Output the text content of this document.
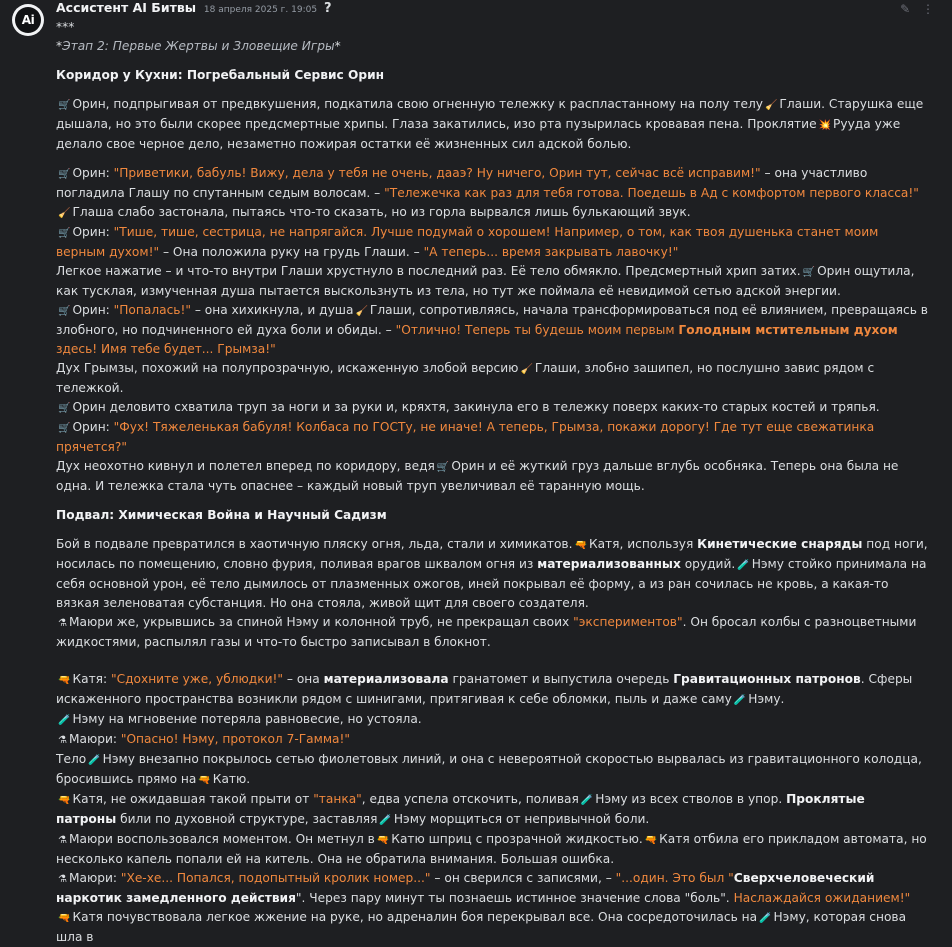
Ai
Ассистент AI Битвы 18 апреля 2025 г. 19:05 ?	✎ ⋮

***

*Этап 2: Первые Жертвы и Зловещие Игры*

Коридор у Кухни: Погребальный Сервис Орин

🛒 Орин, подпрыгивая от предвкушения, подкатила свою огненную тележку к распластанному на полу телу 🧹 Глаши. Старушка еще дышала, но это были скорее предсмертные хрипы. Глаза закатились, изо рта пузырилась кровавая пена. Проклятие 💥 Рууда уже делало свое черное дело, незаметно пожирая остатки её жизненных сил адской болью.

🛒 Орин: "Приветики, бабуль! Вижу, дела у тебя не очень, дааэ? Ну ничего, Орин тут, сейчас всё исправим!" – она участливо погладила Глашу по спутанным седым волосам. – "Тележечка как раз для тебя готова. Поедешь в Ад с комфортом первого класса!"

🧹 Глаша слабо застонала, пытаясь что-то сказать, но из горла вырвался лишь булькающий звук.

🛒 Орин: "Тише, тише, сестрица, не напрягайся. Лучше подумай о хорошем! Например, о том, как твоя душенька станет моим верным духом!" – Она положила руку на грудь Глаши. – "А теперь... время закрывать лавочку!"

Легкое нажатие – и что-то внутри Глаши хрустнуло в последний раз. Её тело обмякло. Предсмертный хрип затих. 🛒 Орин ощутила, как тусклая, измученная душа пытается выскользнуть из тела, но тут же поймала её невидимой сетью адской энергии.

🛒 Орин: "Попалась!" – она хихикнула, и душа 🧹 Глаши, сопротивляясь, начала трансформироваться под её влиянием, превращаясь в злобного, но подчиненного ей духа боли и обиды. – "Отлично! Теперь ты будешь моим первым Голодным мстительным духом здесь! Имя тебе будет... Грымза!"

Дух Грымзы, похожий на полупрозрачную, искаженную злобой версию 🧹 Глаши, злобно зашипел, но послушно завис рядом с тележкой.

🛒 Орин деловито схватила труп за ноги и за руки и, кряхтя, закинула его в тележку поверх каких-то старых костей и тряпья.

🛒 Орин: "Фух! Тяжеленькая бабуля! Колбаса по ГОСТу, не иначе! А теперь, Грымза, покажи дорогу! Где тут еще свежатинка прячется?"

Дух неохотно кивнул и полетел вперед по коридору, ведя 🛒 Орин и её жуткий груз дальше вглубь особняка. Теперь она была не одна. И тележка стала чуть опаснее – каждый новый труп увеличивал её таранную мощь.

Подвал: Химическая Война и Научный Садизм

Бой в подвале превратился в хаотичную пляску огня, льда, стали и химикатов. 🔫 Катя, используя Кинетические снаряды под ноги, носилась по помещению, словно фурия, поливая врагов шквалом огня из материализованных орудий. 🧪 Нэму стойко принимала на себя основной урон, её тело дымилось от плазменных ожогов, иней покрывал её форму, а из ран сочилась не кровь, а какая-то вязкая зеленоватая субстанция. Но она стояла, живой щит для своего создателя.

⚗ Маюри же, укрывшись за спиной Нэму и колонной труб, не прекращал своих "экспериментов". Он бросал колбы с разноцветными жидкостями, распылял газы и что-то быстро записывал в блокнот.

🔫 Катя: "Сдохните уже, ублюдки!" – она материализовала гранатомет и выпустила очередь Гравитационных патронов. Сферы искаженного пространства возникли рядом с шинигами, притягивая к себе обломки, пыль и даже саму 🧪 Нэму.

🧪 Нэму на мгновение потеряла равновесие, но устояла.

⚗ Маюри: "Опасно! Нэму, протокол 7-Гамма!"

Тело 🧪 Нэму внезапно покрылось сетью фиолетовых линий, и она с невероятной скоростью вырвалась из гравитационного колодца, бросившись прямо на 🔫 Катю.

🔫 Катя, не ожидавшая такой прыти от "танка", едва успела отскочить, поливая 🧪 Нэму из всех стволов в упор. Проклятые патроны били по духовной структуре, заставляя 🧪 Нэму морщиться от непривычной боли.

⚗ Маюри воспользовался моментом. Он метнул в 🔫 Катю шприц с прозрачной жидкостью. 🔫 Катя отбила его прикладом автомата, но несколько капель попали ей на китель. Она не обратила внимания. Большая ошибка.

⚗ Маюри: "Хе-хе... Попался, подопытный кролик номер..." – он сверился с записями, – "...один. Это был "Сверхчеловеческий наркотик замедленного действия". Через пару минут ты познаешь истинное значение слова "боль". Наслаждайся ожиданием!"

🔫 Катя почувствовала легкое жжение на руке, но адреналин боя перекрывал все. Она сосредоточилась на 🧪 Нэму, которая снова шла в
